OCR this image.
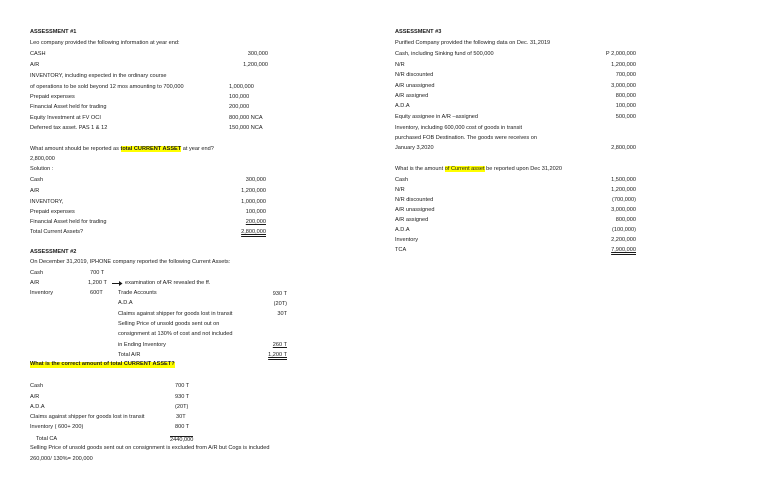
ASSESSMENT #1
Leo company provided the following information at year end:
CASH	300,000
A/R	1,200,000
INVENTORY, including expected in the ordinary course
of operations to be sold beyond 12 mos amounting to 700,000	1,000,000
Prepaid expenses	100,000
Financial Asset held for trading	200,000
Equity Investment at FV OCI	800,000 NCA
Deferred tax asset. PAS 1 & 12	150,000 NCA
What amount should be reported as total CURRENT ASSET at year end?
2,800,000
Solution :
Cash	300,000
A/R	1,200,000
INVENTORY,	1,000,000
Prepaid expenses	100,000
Financial Asset held for trading	200,000
Total Current Assets?	2,800,000
ASSESSMENT #2
On December 31,2019, IPHONE company reported the following Current Assets:
Cash	700 T
A/R	1,200 T	examination of A/R revealed the ff.
Inventory	600T	Trade Accounts	930 T
A.D.A	(20T)
Claims against shipper for goods lost in transit	30T
Selling Price of unsold goods sent out on
consignment at 130% of cost and not included
in Ending Inventory	260 T
Total A/R	1,200 T
What is the correct amount of total CURRENT ASSET?
Cash	700 T
A/R	930 T
A.D.A	(20T)
Claims against shipper for goods lost in transit	30T
Inventory ( 600+ 200)	800 T
Total CA	2440,000
Selling Price of unsold goods sent out on consignment is excluded from A/R but Cogs is included
260,000/ 130%= 200,000
ASSESSMENT #3
Purified Company provided the following data on Dec. 31,2019
Cash, including Sinking fund of 500,000	P 2,000,000
N/R	1,200,000
N/R discounted	700,000
A/R unassigned	3,000,000
A/R assigned	800,000
A.D.A	100,000
Equity assignee in A/R –assigned	500,000
Inventory, including 600,000 cost of goods in transit
purchased FOB Destination. The goods were receives on
January 3,2020	2,800,000
What is the amount of Current asset be reported upon Dec 31,2020
Cash	1,500,000
N/R	1,200,000
N/R discounted	(700,000)
A/R unassigned	3,000,000
A/R assigned	800,000
A.D.A	(100,000)
Inventory	2,200,000
TCA	7,900,000
